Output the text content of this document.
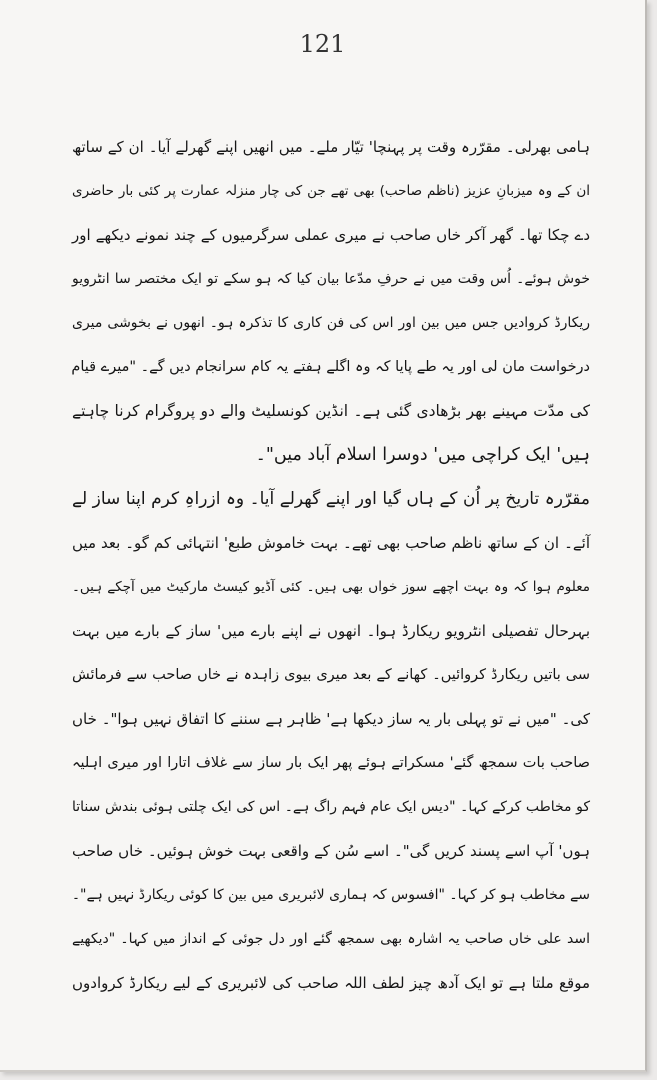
121
ہامی بھرلی۔ مقرّرہ وقت پر پہنچا' تیّار ملے۔ میں انھیں اپنے گھرلے آیا۔ ان کے ساتھ
ان کے وہ میزبانِ عزیز (ناظم صاحب) بھی تھے جن کی چار منزلہ عمارت پر کئی بار حاضری
دے چکا تھا۔ گھر آکر خاں صاحب نے میری عملی سرگرمیوں کے چند نمونے دیکھے اور
خوش ہوئے۔ اُس وقت میں نے حرفِ مدّعا بیان کیا کہ ہو سکے تو ایک مختصر سا انٹرویو
ریکارڈ کروادیں جس میں بین اور اس کی فن کاری کا تذکرہ ہو۔ انھوں نے بخوشی میری
درخواست مان لی اور یہ طے پایا کہ وہ اگلے ہفتے یہ کام سرانجام دیں گے۔ "میرے قیام
کی مدّت مہینے بھر بڑھادی گئی ہے۔ انڈین کونسلیٹ والے دو پروگرام کرنا چاہتے
ہیں' ایک کراچی میں' دوسرا اسلام آباد میں"۔
مقرّرہ تاریخ پر اُن کے ہاں گیا اور اپنے گھرلے آیا۔ وہ ازراہِ کرم اپنا ساز لے
آئے۔ ان کے ساتھ ناظم صاحب بھی تھے۔ بہت خاموش طبع' انتہائی کم گو۔ بعد میں
معلوم ہوا کہ وہ بہت اچھے سوز خواں بھی ہیں۔ کئی آڈیو کیسٹ مارکیٹ میں آچکے ہیں۔
بہرحال تفصیلی انٹرویو ریکارڈ ہوا۔ انھوں نے اپنے بارے میں' ساز کے بارے میں بہت
سی باتیں ریکارڈ کروائیں۔ کھانے کے بعد میری بیوی زاہدہ نے خاں صاحب سے فرمائش
کی۔ "میں نے تو پہلی بار یہ ساز دیکھا ہے' ظاہر ہے سننے کا اتفاق نہیں ہوا"۔ خاں
صاحب بات سمجھ گئے' مسکراتے ہوئے پھر ایک بار ساز سے غلاف اتارا اور میری اہلیہ
کو مخاطب کرکے کہا۔ "دیس ایک عام فہم راگ ہے۔ اس کی ایک چلتی ہوئی بندش سناتا
ہوں' آپ اسے پسند کریں گی"۔ اسے سُن کے واقعی بہت خوش ہوئیں۔ خاں صاحب
سے مخاطب ہو کر کہا۔ "افسوس کہ ہماری لائبریری میں بین کا کوئی ریکارڈ نہیں ہے"۔
اسد علی خاں صاحب یہ اشارہ بھی سمجھ گئے اور دل جوئی کے انداز میں کہا۔ "دیکھیے
موقع ملتا ہے تو ایک آدھ چیز لطف اللہ صاحب کی لائبریری کے لیے ریکارڈ کروادوں
